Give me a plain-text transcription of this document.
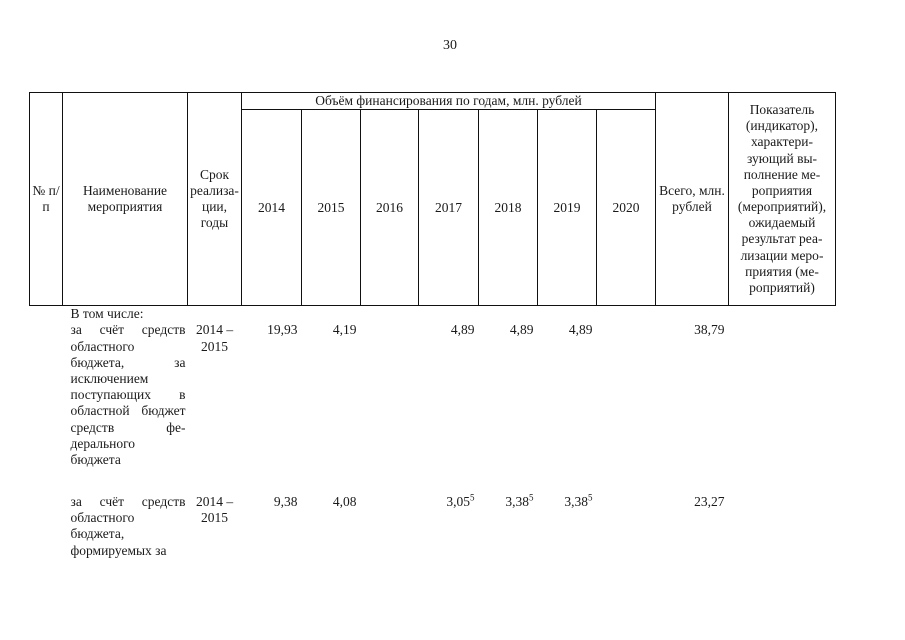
30
№ п/п	Наименование мероприятия	Срок реализации, годы	Объём финансирования по годам, млн. рублей							Всего, млн. рублей	Показатель (индикатор), характеризующий выполнение мероприятия (мероприятий), ожидаемый результат реализации мероприятия (мероприятий)
			2014	2015	2016	2017	2018	2019	2020		
	В том числе:										
	за счёт средств областного бюджета, за исключением поступающих в областной бюджет средств федерального бюджета	2014 – 2015	19,93	4,19		4,89	4,89	4,89		38,79	

	за счёт средств областного бюджета, формируемых за	2014 – 2015	9,38	4,08		3,05$^5$	3,38$^5$	3,38$^5$		23,27	
